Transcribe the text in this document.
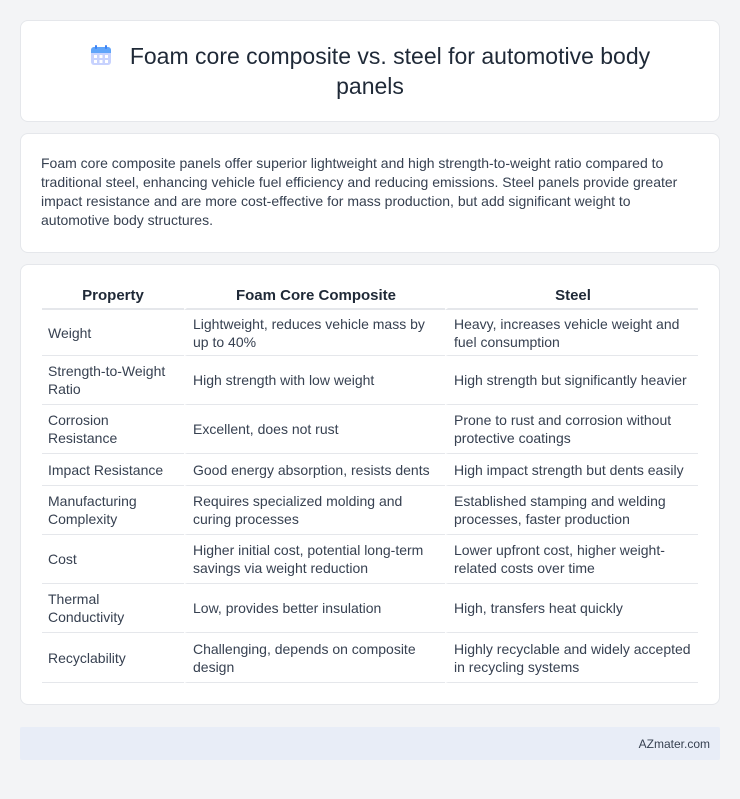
Foam core composite vs. steel for automotive body panels

Foam core composite panels offer superior lightweight and high strength-to-weight ratio compared to traditional steel, enhancing vehicle fuel efficiency and reducing emissions. Steel panels provide greater impact resistance and are more cost-effective for mass production, but add significant weight to automotive body structures.

Property	Foam Core Composite	Steel
Weight	Lightweight, reduces vehicle mass by up to 40%	Heavy, increases vehicle weight and fuel consumption
Strength-to-Weight Ratio	High strength with low weight	High strength but significantly heavier
Corrosion Resistance	Excellent, does not rust	Prone to rust and corrosion without protective coatings
Impact Resistance	Good energy absorption, resists dents	High impact strength but dents easily
Manufacturing Complexity	Requires specialized molding and curing processes	Established stamping and welding processes, faster production
Cost	Higher initial cost, potential long-term savings via weight reduction	Lower upfront cost, higher weight-related costs over time
Thermal Conductivity	Low, provides better insulation	High, transfers heat quickly
Recyclability	Challenging, depends on composite design	Highly recyclable and widely accepted in recycling systems
AZmater.com
